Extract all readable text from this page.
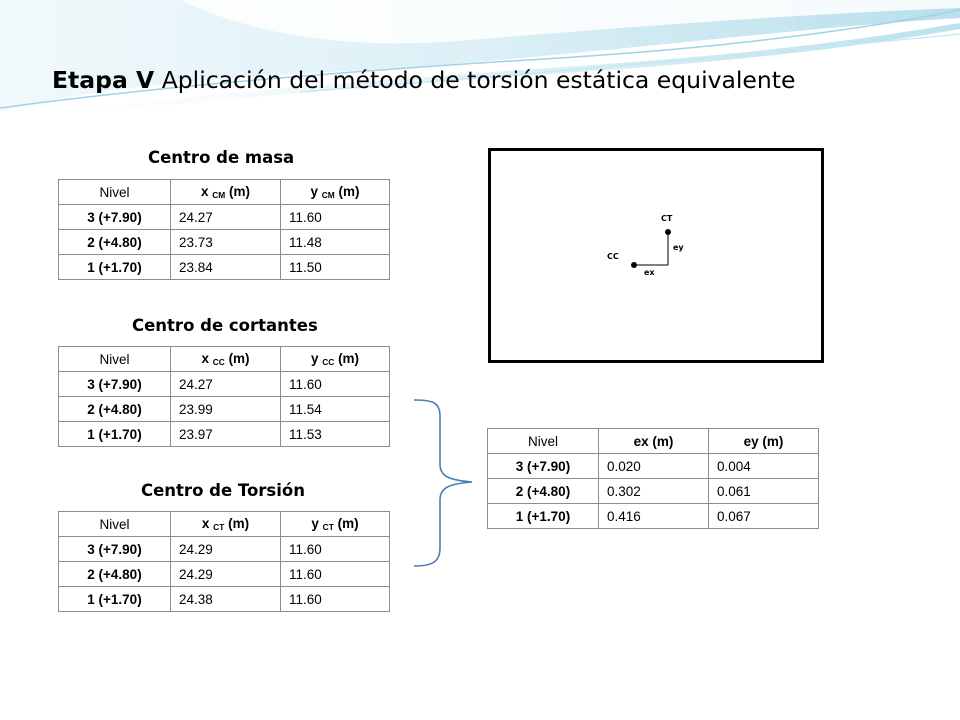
Etapa V Aplicación del método de torsión estática equivalente
Centro de masa
Nivel	x $_{CM}$ (m)	y $_{CM}$ (m)
3 (+7.90)	24.27	11.60
2 (+4.80)	23.73	11.48
1 (+1.70)	23.84	11.50
Centro de cortantes
Nivel	x $_{CC}$ (m)	y $_{CC}$ (m)
3 (+7.90)	24.27	11.60
2 (+4.80)	23.99	11.54
1 (+1.70)	23.97	11.53
Centro de Torsión
Nivel	x $_{CT}$ (m)	y $_{CT}$ (m)
3 (+7.90)	24.29	11.60
2 (+4.80)	24.29	11.60
1 (+1.70)	24.38	11.60
Nivel	ex (m)	ey (m)
3 (+7.90)	0.020	0.004
2 (+4.80)	0.302	0.061
1 (+1.70)	0.416	0.067
CT
CC
ex
ey
